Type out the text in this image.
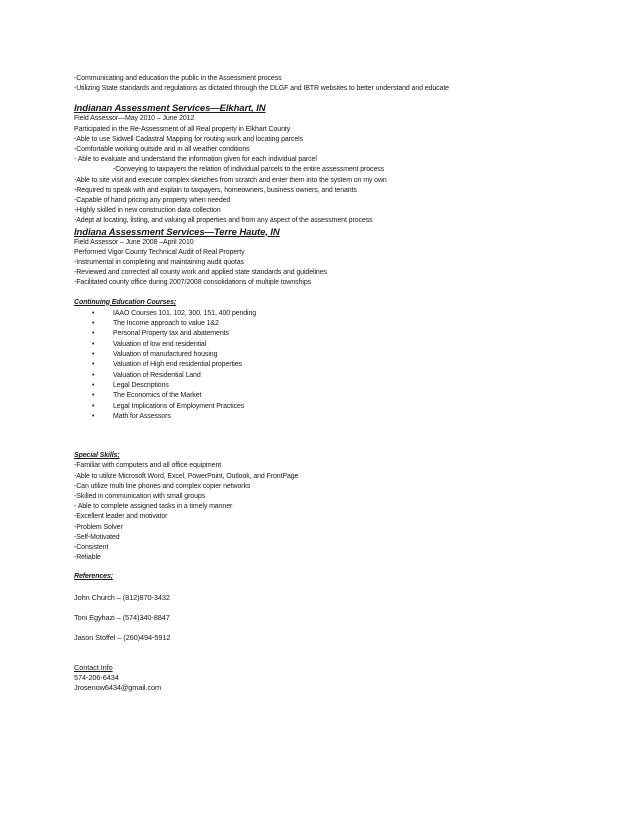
-Communicating and education the public in the Assessment process
-Utilizing State standards and regulations as dictated through the DLGF and IBTR websites to better understand and educate
Indianan Assessment Services—Elkhart, IN
Field Assessor—May 2010 – June 2012
Participated in the Re-Assessment of all Real property in Elkhart County
-Able to use Sidwell Cadastral Mapping for routing work and locating parcels
-Comfortable working outside and in all weather conditions
- Able to evaluate and understand the information given for each individual parcel
-Conveying to taxpayers the relation of individual parcels to the entire assessment process
-Able to site visit and execute complex sketches from scratch and enter them into the system on my own
-Required to speak with and explain to taxpayers, homeowners, business owners, and tenants
-Capable of hand pricing any property when needed
-Highly skilled in new construction data collection
-Adept at locating, listing, and valuing all properties and from any aspect of the assessment process
Indiana Assessment Services—Terre Haute, IN
Field Assessor – June 2008 –April 2010
Performed Vigor County Technical Audit of Real Property
-Instrumental in completing and maintaining audit quotas
-Reviewed and corrected all county work and applied state standards and guidelines
-Facilitated county office during 2007/2008 consolidations of multiple townships
Continuing Education Courses;
•	IAAO Courses 101, 102, 300, 151, 400 pending
•	The Income approach to value 1&2
•	Personal Property tax and abatements
•	Valuation of low end residential
•	Valuation of manufactured housing
•	Valuation of High end residential properties
•	Valuation of Residential Land
•	Legal Descriptions
•	The Economics of the Market
•	Legal Implications of Employment Practices
•	Math for Assessors
Special Skills;
-Familiar with computers and all office equipment
-Able to utilize Microsoft Word, Excel, PowerPoint, Outlook, and FrontPage
-Can utilize multi line phones and complex copier networks
-Skilled in communication with small groups
- Able to complete assigned tasks in a timely manner
-Excellent leader and motivator
-Problem Solver
-Self-Motivated
-Consistent
-Reliable
References;
John Church – (812)870-3432
Toni Egyhazi – (574)340-8847
Jason Stoffel – (260)494-5912
Contact Info
574-206-6434
Jrosenow6434@gmail.com
